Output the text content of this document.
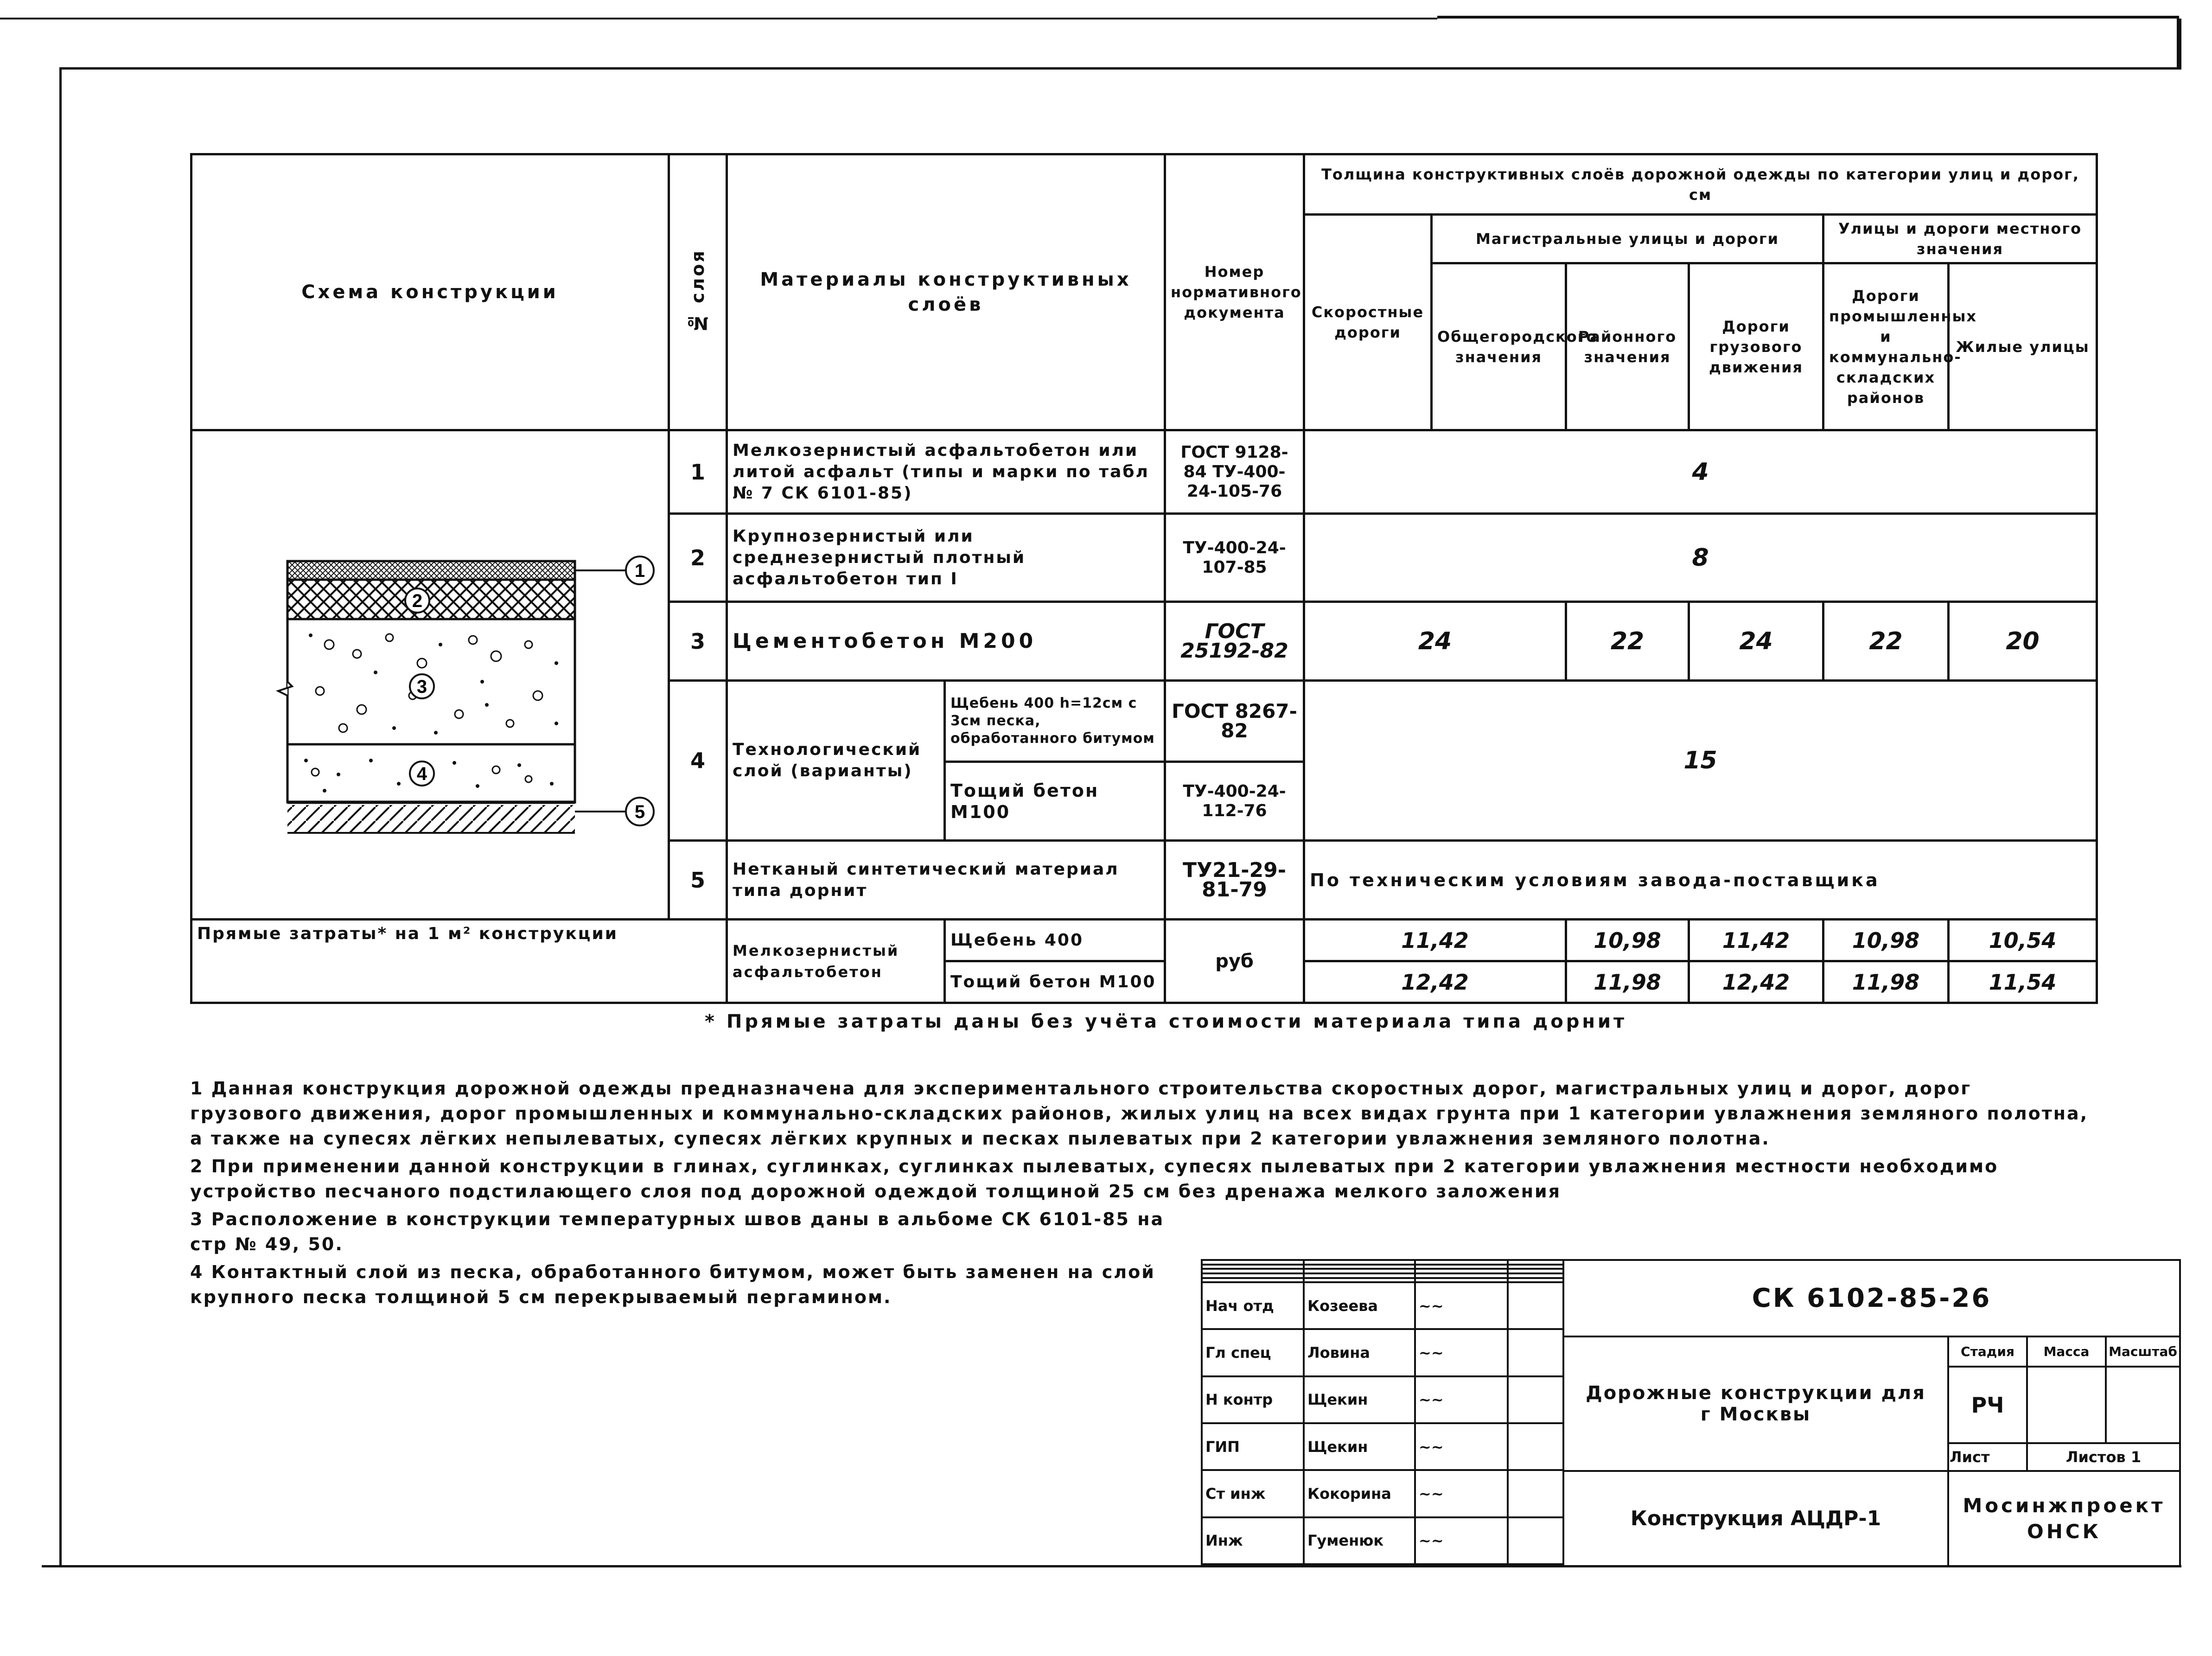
Схема конструкции	№ слоя	Материалы конструктивных слоёв		Номер нормативного документа	Толщина конструктивных слоёв дорожной одежды по категории улиц и дорог, см					
					Скоростные дороги	Магистральные улицы и дороги			Улицы и дороги местного значения	
						Общегородского значения	Районного значения	Дороги грузового движения	Дороги промышленных и коммунально-складских районов	Жилые улицы
	1	Мелкозернистый асфальтобетон или литой асфальт (типы и марки по табл № 7 СК 6101-85)		ГОСТ 9128-84 ТУ-400-24-105-76	4					
	2	Крупнозернистый или среднезернистый плотный асфальтобетон тип I		ТУ-400-24-107-85	8					
	3	Цементобетон М200		ГОСТ 25192-82	24		22	24	22	20
	4	Технологический слой (варианты)	Щебень 400 h=12см с 3см песка, обработанного битумом	ГОСТ 8267-82	15					
			Тощий бетон М100	ТУ-400-24-112-76						
	5	Нетканый синтетический материал типа дорнит		ТУ21-29-81-79	По техническим условиям завода-поставщика					
Прямые затраты* на 1 м² конструкции		Мелкозернистый асфальтобетон	Щебень 400	руб	11,42		10,98	11,42	10,98	10,54
			Тощий бетон М100		12,42		11,98	12,42	11,98	11,54
2
3
4
1
5
* Прямые затраты даны без учёта стоимости материала типа дорнит
1 Данная конструкция дорожной одежды предназначена для экспериментального строительства скоростных дорог, магистральных улиц и дорог, дорог грузового движения, дорог промышленных и коммунально-складских районов, жилых улиц на всех видах грунта при 1 категории увлажнения земляного полотна, а также на супесях лёгких непылеватых, супесях лёгких крупных и песках пылеватых при 2 категории увлажнения земляного полотна.
2 При применении данной конструкции в глинах, суглинках, суглинках пылеватых, супесях пылеватых при 2 категории увлажнения местности необходимо устройство песчаного подстилающего слоя под дорожной одеждой толщиной 25 см без дренажа мелкого заложения
3 Расположение в конструкции температурных швов даны в альбоме СК 6101-85 на стр № 49, 50.
4 Контактный слой из песка, обработанного битумом, может быть заменен на слой крупного песка толщиной 5 см перекрываемый пергамином.

				Нач отд	Козеева	~~	
Гл спец	Ловина	~~	
Н контр	Щекин	~~	
ГИП	Щекин	~~	
Ст инж	Кокорина	~~	
Инж	Гуменюк	~~	
СК 6102-85-26			
Дорожные конструкции для г Москвы	Стадия	Масса	Масштаб
	РЧ		
	Лист	Листов 1	
Конструкция АЦДР-1	Мосинжпроект ОНСК		
